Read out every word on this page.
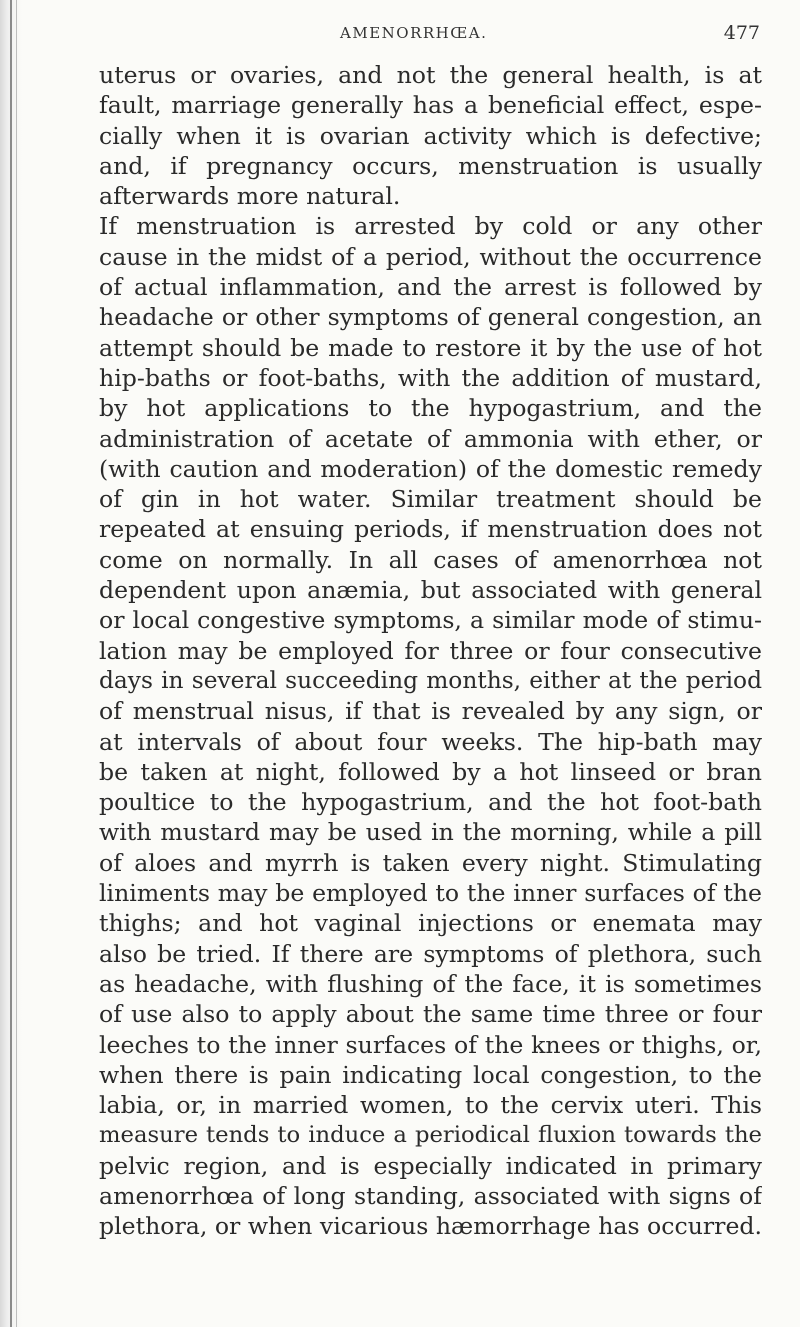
AMENORRHŒA.	477
uterus or ovaries, and not the general health, is at
fault, marriage generally has a beneficial effect, espe-
cially when it is ovarian activity which is defective;
and, if pregnancy occurs, menstruation is usually
afterwards more natural.
If menstruation is arrested by cold or any other
cause in the midst of a period, without the occurrence
of actual inflammation, and the arrest is followed by
headache or other symptoms of general congestion, an
attempt should be made to restore it by the use of hot
hip-baths or foot-baths, with the addition of mustard,
by hot applications to the hypogastrium, and the
administration of acetate of ammonia with ether, or
(with caution and moderation) of the domestic remedy
of gin in hot water. Similar treatment should be
repeated at ensuing periods, if menstruation does not
come on normally. In all cases of amenorrhœa not
dependent upon anæmia, but associated with general
or local congestive symptoms, a similar mode of stimu-
lation may be employed for three or four consecutive
days in several succeeding months, either at the period
of menstrual nisus, if that is revealed by any sign, or
at intervals of about four weeks. The hip-bath may
be taken at night, followed by a hot linseed or bran
poultice to the hypogastrium, and the hot foot-bath
with mustard may be used in the morning, while a pill
of aloes and myrrh is taken every night. Stimulating
liniments may be employed to the inner surfaces of the
thighs; and hot vaginal injections or enemata may
also be tried. If there are symptoms of plethora, such
as headache, with flushing of the face, it is sometimes
of use also to apply about the same time three or four
leeches to the inner surfaces of the knees or thighs, or,
when there is pain indicating local congestion, to the
labia, or, in married women, to the cervix uteri. This
measure tends to induce a periodical fluxion towards the
pelvic region, and is especially indicated in primary
amenorrhœa of long standing, associated with signs of
plethora, or when vicarious hæmorrhage has occurred.
